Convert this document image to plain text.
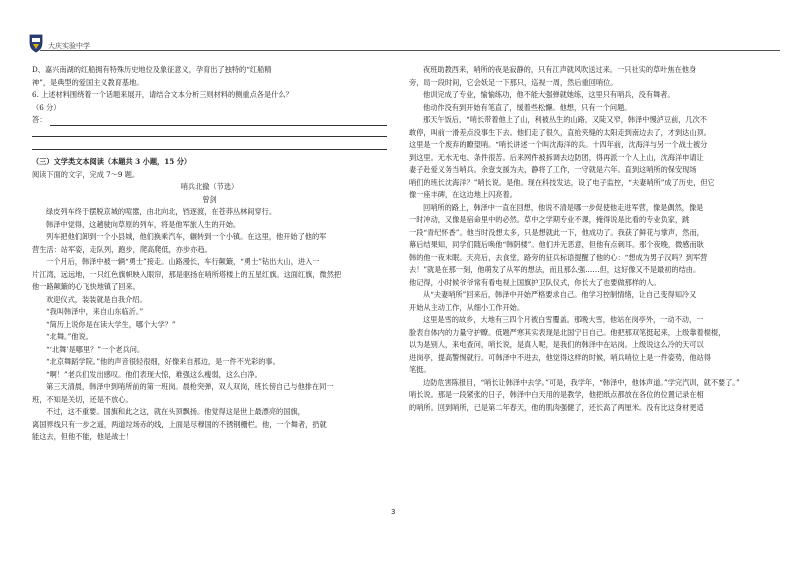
大庆实验中学

D、嘉兴南湖的红船拥有特殊历史地位及象征意义，孕育出了独特的“红船精

神”，是典型的爱国主义教育基地。

6. 上述材料围绕着一个话题来展开，请结合文本分析三则材料的侧重点各是什么？

（6 分）

答：

（三）文学类文本阅读（本题共 3 小题，15 分）

阅读下面的文字，完成 7～9 题。

哨兵北撤（节选）

曾剑

绿皮列车终于摆脱京城的喧嚣，由北向北，铛逐渡，在苍莽丛林间穿行。

韩泽中觉得，这趟驶向草原的列车，将是他军旅人生的开始。

列车把他们卸到一个小县城，他们换乘汽车，辗转到一个小镇。在这里，他开始了他的军

营生活：站军姿，走队列，跑步，爬高爬低，亦步亦趋。

一个月后，韩泽中被一辆“勇士”接走。山路漫长，车行颠簸，“勇士”钻出大山，进入一

片江湾，远远地，一只红色旗帜映入眼帘，那是驱扬在哨所塔楼上的五星红旗。这面红旗，微然把

他一路颠簸的心飞快地镇了回来。

欢迎仪式，装装就是自我介绍。

“我叫韩泽中，来自山东临沂。”

“简历上说你是在读大学生，哪个大学？”

“北舞。”他说。

“‘北舞’是哪里？”一个老兵问。

“北京舞蹈学院。”他的声音很轻很细，好像来自那边，是一件不光彩的事。

“啊！”老兵们发出感叹。他们表现大惊，难强这么瘦弱，这么白净。

第三天清晨，韩泽中到哨所前的第一班岗。晨枪突弹，双人双岗，班长傍自己与他排在同一

班，不知是关切，还是不放心。

不过，这不重要。国旗和此之这，就在头顶飘扬。他觉得这是世上最漂亮的国旗，

离国界线只有一步之遥，两道垃场赤的线，上面是尽穆国的不锈钢栅栏。他，一个舞者，扔就

能这去，但他不能，他是战士！

夜班助教西来，哨所的夜是寂静的，只有江声就风吹送过来。一只社实的草叶焦在他身

旁，局一段时间，它会妖足一下那只，巡视一周，然后重回哨位。

他训完成了专业，愉愉练功，他不能大强弹就她练，这里只有哨兵，没有舞者。

他动作没有到开始有笔直了，缓着些松懈。他想，只有一个问题。

那天午饭后，“哨长带着他上了山，利被丛生的山路，又陡又窄，韩泽中慢泸豆前，几次不

敢停，叫前一滑差点没事生下去。他们走了很久，直抢夹缝的太阳走到南边去了，才到达山顶。

这里是一个废弃的瞭望哨。“哨长讲述一个叫沈海洋的兵。十四年前，沈海洋与另一个战士被分

到这里。无水无电、条件很苦。后来网件被拆调去边防团，得再派一个人上山，沈海洋申请让

妻子赴爱义务当哨兵。余壹支援为夫，静将了工作，一守就是六年。直到这哨所的保安现场

哨们的班长沈海洋？”哨长说。是他。现在科技发达，设了电子监控，“夫妻哨所”成了历史，但它

像一座丰碑，在这边地上闪亮着。

回哨所的路上，韩泽中一直在回想，他说不清是哪一步促使他走进军营，像是偶然，像是

一时冲动，又像是宿命里中的必然。草中之学期专业不课，掩得说是比看的专业负家，跳

一段“青纪怀香”。他当时没想太多，只是想就此一下，他成功了。我获了鲜花与掌声，然而，

幕后结果知，同学们随后唤他“韩阴楼”。他们并无恶意，但他有点刺耳。那个夜晚，微感而耿

韩的他一夜未眠。天亮后，去食堂，路旁的征兵标语提醒了他的心：“想成为男子汉吗？到军营

去！”就是在那一刻，他萌发了从军的想法，而且那么强……但，这好像又不是最初的结由。

他记得，小时候爷爷常有看电视上国旗护卫队仪式，你长大了也要做那样的人。

从“夫妻哨所”回来后，韩泽中开始严格要求自己。他学习控制情绪，让自己变得知冷又

开始从主动工作，从细小工作开始。

这里是雪的故乡，大地有三四个月被白雪覆盖。那晚大雪，他站在岗亭外，一动不动，一

脸表自体内的力量守护瞭。低题严寒其实表现是北国宁日自己。他把那双笔挺起来，上级靠着棍棍，

以为是别人，来电查问，哨长说，是真人呢，是我们的韩泽中在站岗。上级说这么冷的天可以

进岗亭，提高警惕就行。可韩泽中不进去，他觉得这样的时候，哨兵哨位上是一件姿势，他站得

笔挺。

边防危害陈报目，“哨长让韩泽中去学。”可是，我学年，“韩泽中，他体声道。”学完汽训，就不要了。”

哨长说。那是一段紧张的日子，韩泽中白天用的是教学，他把纸点都放在各位的位置记录在相

的哨所。回到哨所，已是第二年春天，他的肌肉强健了，还长高了两厘米。没有比这身材更适

3
